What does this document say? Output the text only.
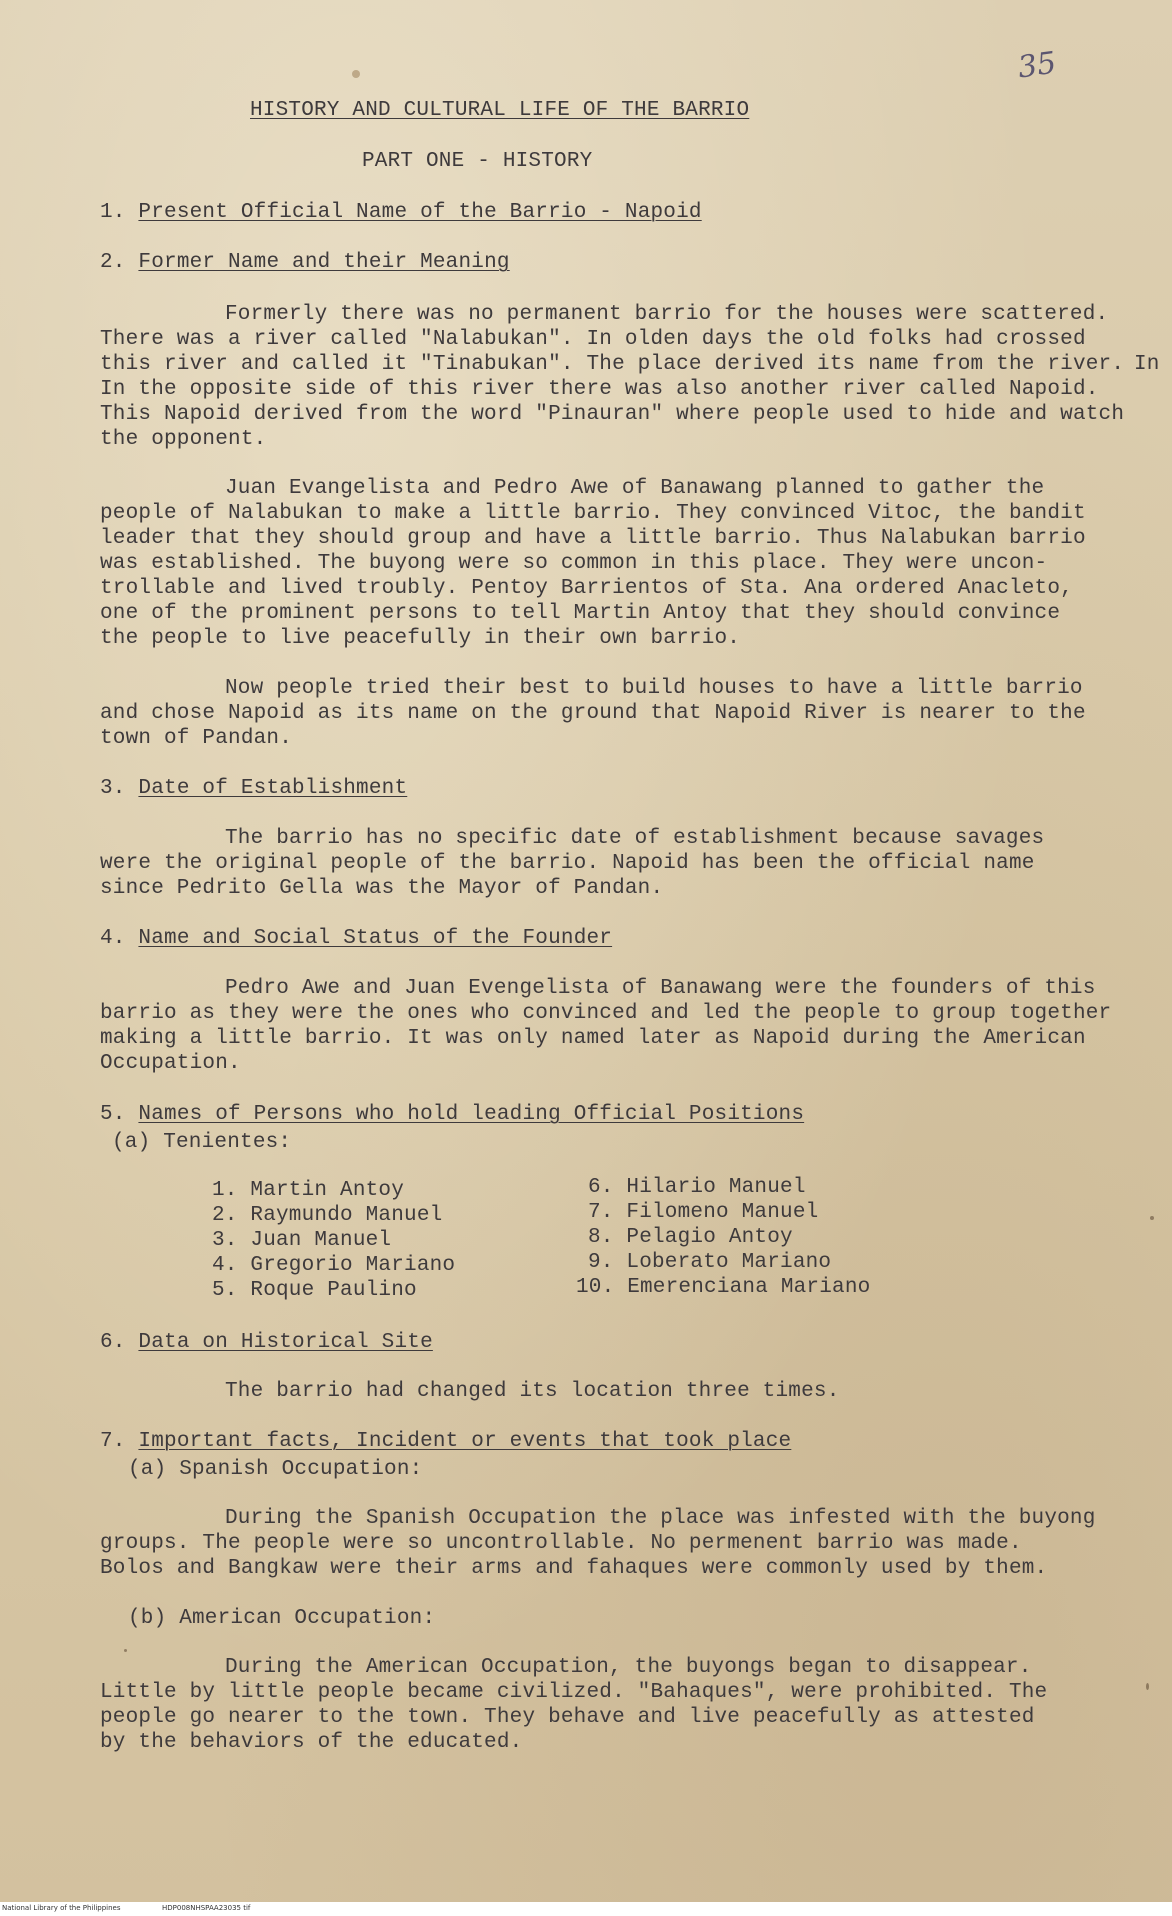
35
HISTORY AND CULTURAL LIFE OF THE BARRIO
PART ONE - HISTORY
1. Present Official Name of the Barrio - Napoid
2. Former Name and their Meaning
Formerly there was no permanent barrio for the houses were scattered.
There was a river called "Nalabukan". In olden days the old folks had crossed
this river and called it "Tinabukan". The place derived its name from the river. In
In the opposite side of this river there was also another river called Napoid.
This Napoid derived from the word "Pinauran" where people used to hide and watch
the opponent.
Juan Evangelista and Pedro Awe of Banawang planned to gather the
people of Nalabukan to make a little barrio. They convinced Vitoc, the bandit
leader that they should group and have a little barrio. Thus Nalabukan barrio
was established. The buyong were so common in this place. They were uncon-
trollable and lived troubly. Pentoy Barrientos of Sta. Ana ordered Anacleto,
one of the prominent persons to tell Martin Antoy that they should convince
the people to live peacefully in their own barrio.
Now people tried their best to build houses to have a little barrio
and chose Napoid as its name on the ground that Napoid River is nearer to the
town of Pandan.
3. Date of Establishment
The barrio has no specific date of establishment because savages
were the original people of the barrio. Napoid has been the official name
since Pedrito Gella was the Mayor of Pandan.
4. Name and Social Status of the Founder
Pedro Awe and Juan Evengelista of Banawang were the founders of this
barrio as they were the ones who convinced and led the people to group together
making a little barrio. It was only named later as Napoid during the American
Occupation.
5. Names of Persons who hold leading Official Positions
(a) Tenientes:
1. Martin Antoy
2. Raymundo Manuel
3. Juan Manuel
4. Gregorio Mariano
5. Roque Paulino
6. Hilario Manuel
7. Filomeno Manuel
8. Pelagio Antoy
9. Loberato Mariano
10. Emerenciana Mariano
6. Data on Historical Site
The barrio had changed its location three times.
7. Important facts, Incident or events that took place
(a) Spanish Occupation:
During the Spanish Occupation the place was infested with the buyong
groups. The people were so uncontrollable. No permenent barrio was made.
Bolos and Bangkaw were their arms and fahaques were commonly used by them.
(b) American Occupation:
During the American Occupation, the buyongs began to disappear.
Little by little people became civilized. "Bahaques", were prohibited. The
people go nearer to the town. They behave and live peacefully as attested
by the behaviors of the educated.
National Library of the Philippines	HDP008NHSPAA23035 tif
